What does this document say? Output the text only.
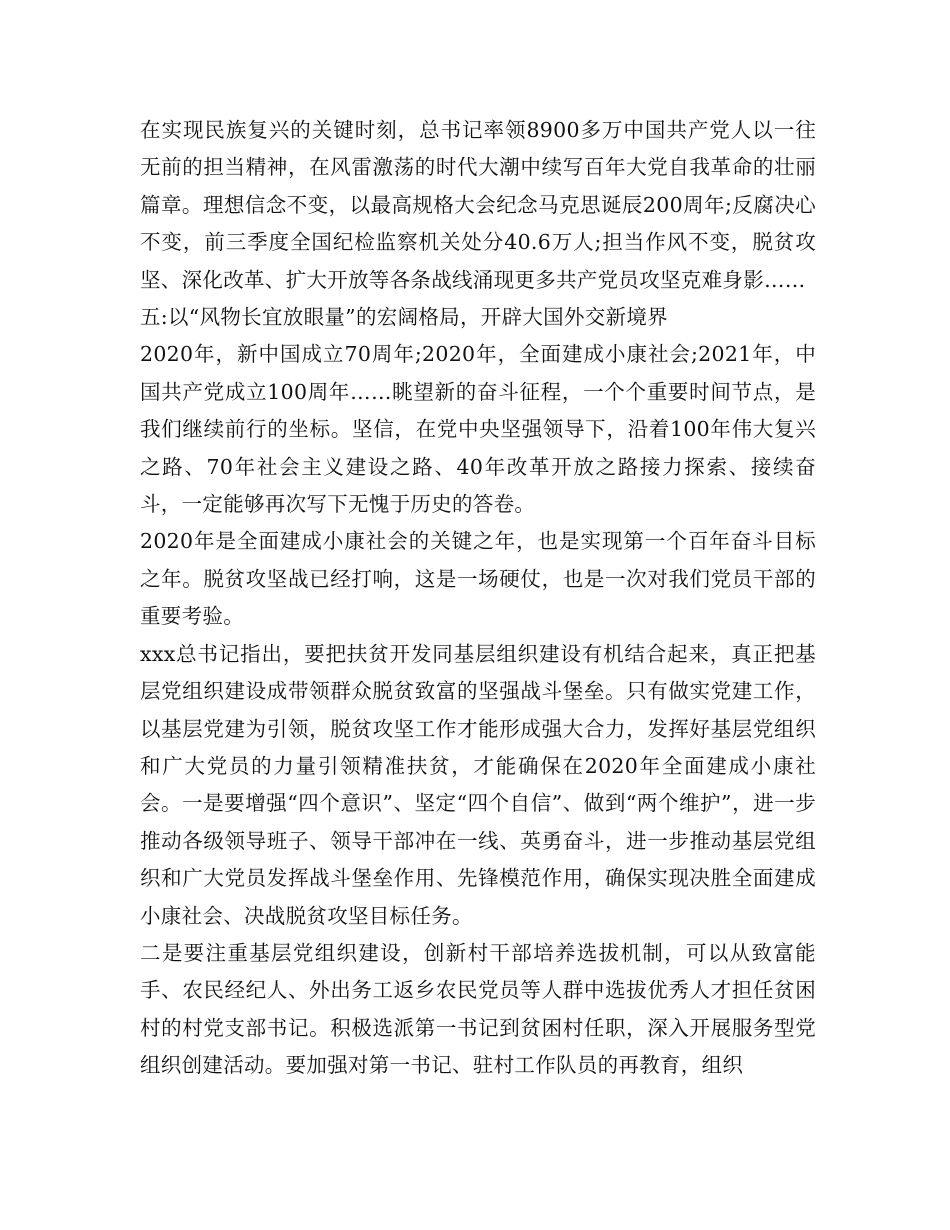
在实现民族复兴的关键时刻，总书记率领8900多万中国共产党人以一往无前的担当精神，在风雷激荡的时代大潮中续写百年大党自我革命的壮丽篇章。理想信念不变，以最高规格大会纪念马克思诞辰200周年;反腐决心不变，前三季度全国纪检监察机关处分40.6万人;担当作风不变，脱贫攻坚、深化改革、扩大开放等各条战线涌现更多共产党员攻坚克难身影……

五:以“风物长宜放眼量”的宏阔格局，开辟大国外交新境界

2020年，新中国成立70周年;2020年，全面建成小康社会;2021年，中国共产党成立100周年……眺望新的奋斗征程，一个个重要时间节点，是我们继续前行的坐标。坚信，在党中央坚强领导下，沿着100年伟大复兴之路、70年社会主义建设之路、40年改革开放之路接力探索、接续奋斗，一定能够再次写下无愧于历史的答卷。

2020年是全面建成小康社会的关键之年，也是实现第一个百年奋斗目标之年。脱贫攻坚战已经打响，这是一场硬仗，也是一次对我们党员干部的重要考验。

xxx总书记指出，要把扶贫开发同基层组织建设有机结合起来，真正把基层党组织建设成带领群众脱贫致富的坚强战斗堡垒。只有做实党建工作，以基层党建为引领，脱贫攻坚工作才能形成强大合力，发挥好基层党组织和广大党员的力量引领精准扶贫，才能确保在2020年全面建成小康社会。一是要增强“四个意识”、坚定“四个自信”、做到“两个维护”，进一步推动各级领导班子、领导干部冲在一线、英勇奋斗，进一步推动基层党组织和广大党员发挥战斗堡垒作用、先锋模范作用，确保实现决胜全面建成小康社会、决战脱贫攻坚目标任务。

二是要注重基层党组织建设，创新村干部培养选拔机制，可以从致富能手、农民经纪人、外出务工返乡农民党员等人群中选拔优秀人才担任贫困村的村党支部书记。积极选派第一书记到贫困村任职，深入开展服务型党组织创建活动。要加强对第一书记、驻村工作队员的再教育，组织
